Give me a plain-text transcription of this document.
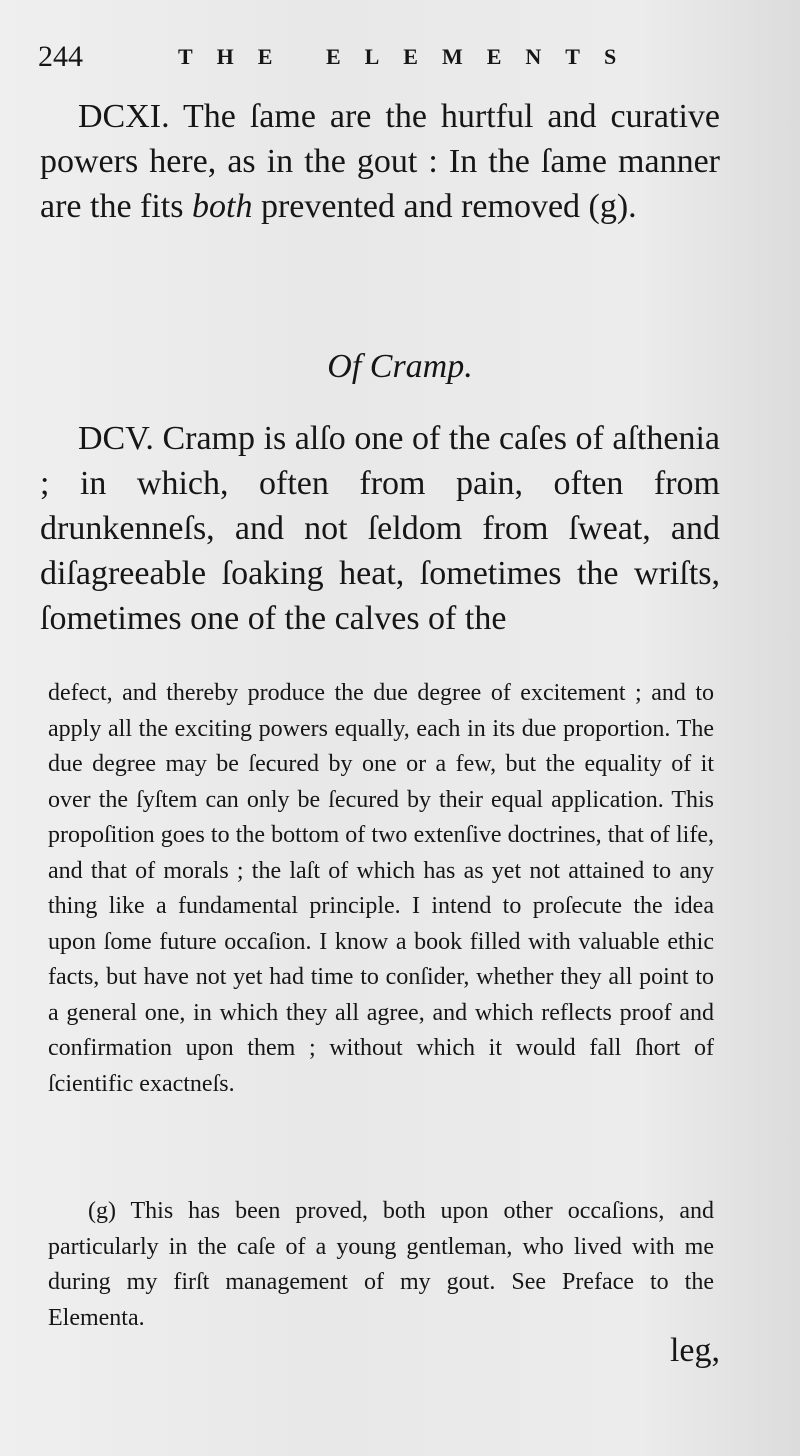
244	THE ELEMENTS

DCXI. The ſame are the hurtful and curative powers here, as in the gout : In the ſame manner are the fits both prevented and removed (g).

Of Cramp.

DCV. Cramp is alſo one of the caſes of aſthenia ; in which, often from pain, often from drunkenneſs, and not ſeldom from ſweat, and diſagreeable ſoaking heat, ſometimes the wriſts, ſometimes one of the calves of the

defect, and thereby produce the due degree of excitement ; and to apply all the exciting powers equally, each in its due proportion. The due degree may be ſecured by one or a few, but the equality of it over the ſyſtem can only be ſecured by their equal application. This propoſition goes to the bottom of two extenſive doctrines, that of life, and that of morals ; the laſt of which has as yet not attained to any thing like a fundamental principle. I intend to proſecute the idea upon ſome future occaſion. I know a book filled with valuable ethic facts, but have not yet had time to conſider, whether they all point to a general one, in which they all agree, and which reflects proof and confirmation upon them ; without which it would fall ſhort of ſcientific exactneſs.

(g) This has been proved, both upon other occaſions, and particularly in the caſe of a young gentleman, who lived with me during my firſt management of my gout. See Preface to the Elementa.

leg,
